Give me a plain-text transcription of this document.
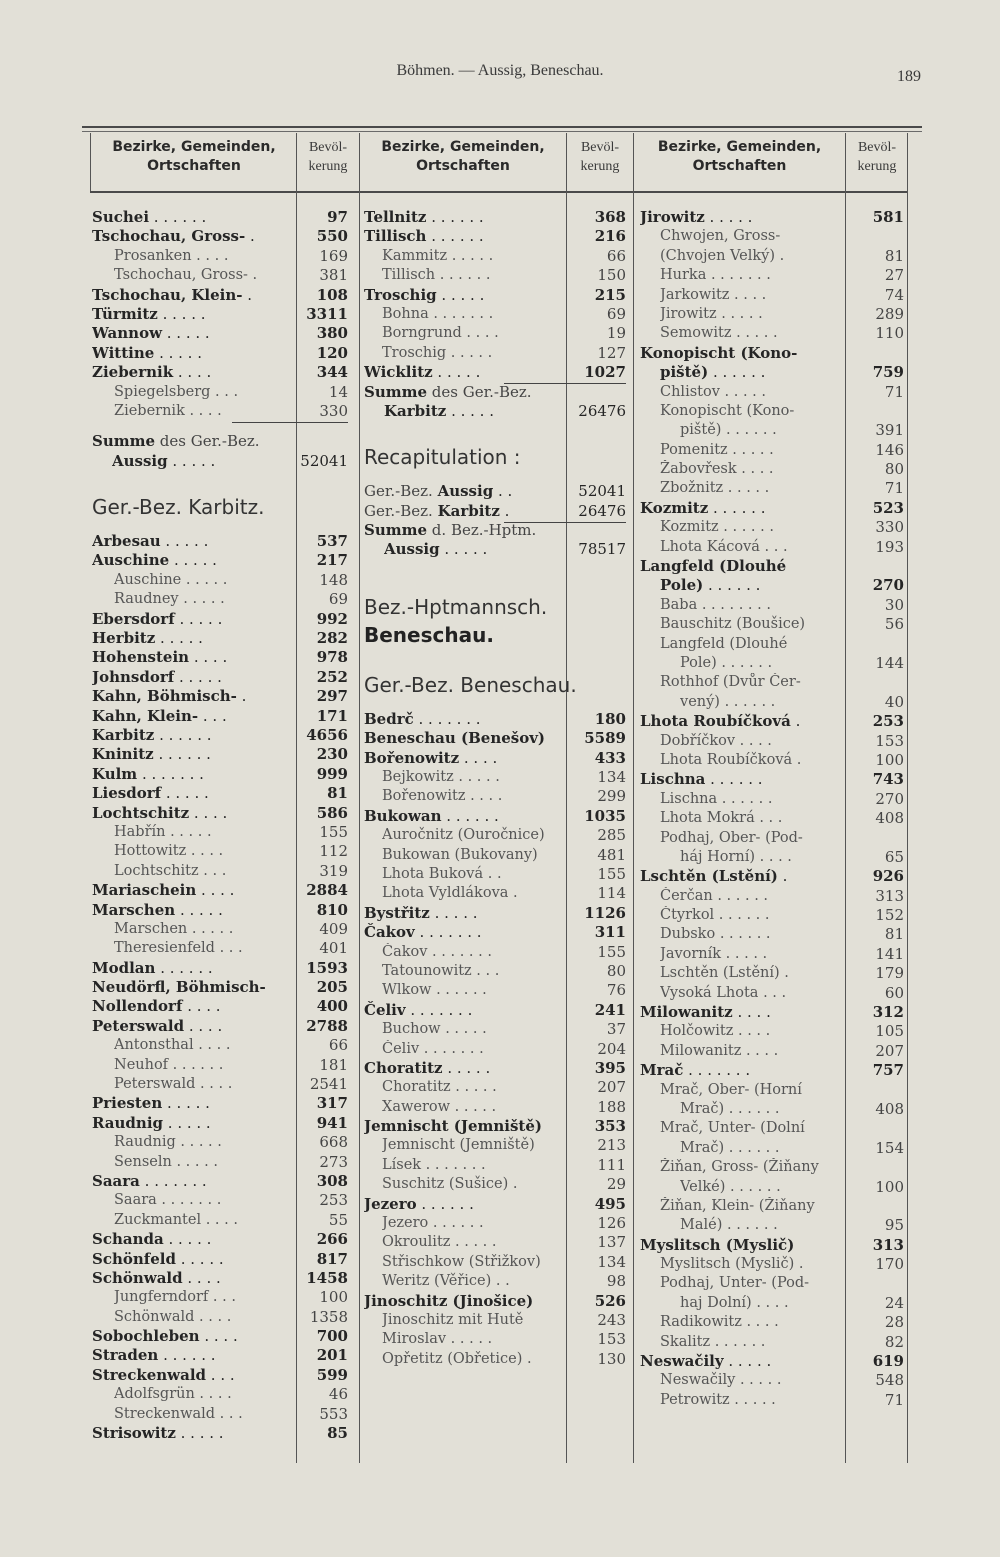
Böhmen. — Aussig, Beneschau.	189
Bezirke, Gemeinden,
Ortschaften
Bevöl-
kerung
Bezirke, Gemeinden,
Ortschaften
Bevöl-
kerung
Bezirke, Gemeinden,
Ortschaften
Bevöl-
kerung
Suchei . . . . . .	97
Tschochau, Gross- .	550
Prosanken . . . .	169
Tschochau, Gross- .	381
Tschochau, Klein- .	108
Türmitz . . . . .	3311
Wannow . . . . .	380
Wittine . . . . .	120
Ziebernik . . . .	344
Spiegelsberg . . .	14
Ziebernik . . . .	330
Summe des Ger.-Bez.
Aussig . . . . .	52041
Ger.-Bez. Karbitz.
Arbesau . . . . .	537
Auschine . . . . .	217
Auschine . . . . .	148
Raudney . . . . .	69
Ebersdorf . . . . .	992
Herbitz . . . . .	282
Hohenstein . . . .	978
Johnsdorf . . . . .	252
Kahn, Böhmisch- .	297
Kahn, Klein- . . .	171
Karbitz . . . . . .	4656
Kninitz . . . . . .	230
Kulm . . . . . . .	999
Liesdorf . . . . .	81
Lochtschitz . . . .	586
Habřín . . . . .	155
Hottowitz . . . .	112
Lochtschitz . . .	319
Mariaschein . . . .	2884
Marschen . . . . .	810
Marschen . . . . .	409
Theresienfeld . . .	401
Modlan . . . . . .	1593
Neudörfl, Böhmisch-	205
Nollendorf . . . .	400
Peterswald . . . .	2788
Antonsthal . . . .	66
Neuhof . . . . . .	181
Peterswald . . . .	2541
Priesten . . . . .	317
Raudnig . . . . .	941
Raudnig . . . . .	668
Senseln . . . . .	273
Saara . . . . . . .	308
Saara . . . . . . .	253
Zuckmantel . . . .	55
Schanda . . . . .	266
Schönfeld . . . . .	817
Schönwald . . . .	1458
Jungferndorf . . .	100
Schönwald . . . .	1358
Sobochleben . . . .	700
Straden . . . . . .	201
Streckenwald . . .	599
Adolfsgrün . . . .	46
Streckenwald . . .	553
Strisowitz . . . . .	85
Tellnitz . . . . . .	368
Tillisch . . . . . .	216
Kammitz . . . . .	66
Tillisch . . . . . .	150
Troschig . . . . .	215
Bohna . . . . . . .	69
Borngrund . . . .	19
Troschig . . . . .	127
Wicklitz . . . . .	1027
Summe des Ger.-Bez.
Karbitz . . . . .	26476
Recapitulation :
Ger.-Bez. Aussig . .	52041
Ger.-Bez. Karbitz .	26476
Summe d. Bez.-Hptm.
Aussig . . . . .	78517
Bez.-Hptmannsch.
Beneschau.
Ger.-Bez. Beneschau.
Bedrč . . . . . . .	180
Beneschau (Benešov)	5589
Bořenowitz . . . .	433
Bejkowitz . . . . .	134
Bořenowitz . . . .	299
Bukowan . . . . . .	1035
Auročnitz (Ouročnice)	285
Bukowan (Bukovany)	481
Lhota Buková . .	155
Lhota Vyldlákova .	114
Bystřitz . . . . .	1126
Čakov . . . . . . .	311
Čakov . . . . . . .	155
Tatounowitz . . .	80
Wlkow . . . . . .	76
Čeliv . . . . . . .	241
Buchow . . . . .	37
Čeliv . . . . . . .	204
Choratitz . . . . .	395
Choratitz . . . . .	207
Xawerow . . . . .	188
Jemnischt (Jemniště)	353
Jemnischt (Jemniště)	213
Lísek . . . . . . .	111
Suschitz (Sušice) .	29
Jezero . . . . . .	495
Jezero . . . . . .	126
Okroulitz . . . . .	137
Střischkow (Střižkov)	134
Weritz (Věřice) . .	98
Jinoschitz (Jinošice)	526
Jinoschitz mit Hutě	243
Miroslav . . . . .	153
Opřetitz (Obřetice) .	130
Jirowitz . . . . .	581
Chwojen, Gross-
(Chvojen Velký) .	81
Hurka . . . . . . .	27
Jarkowitz . . . .	74
Jirowitz . . . . .	289
Semowitz . . . . .	110
Konopischt (Kono-
piště) . . . . . .	759
Chlistov . . . . .	71
Konopischt (Kono-
piště) . . . . . .	391
Pomenitz . . . . .	146
Žabovřesk . . . .	80
Zbožnitz . . . . .	71
Kozmitz . . . . . .	523
Kozmitz . . . . . .	330
Lhota Kácová . . .	193
Langfeld (Dlouhé
Pole) . . . . . .	270
Baba . . . . . . . .	30
Bauschitz (Boušice)	56
Langfeld (Dlouhé
Pole) . . . . . .	144
Rothhof (Dvůr Čer-
vený) . . . . . .	40
Lhota Roubíčková .	253
Dobříčkov . . . .	153
Lhota Roubíčková .	100
Lischna . . . . . .	743
Lischna . . . . . .	270
Lhota Mokrá . . .	408
Podhaj, Ober- (Pod-
háj Horní) . . . .	65
Lschtěn (Lstění) .	926
Čerčan . . . . . .	313
Čtyrkol . . . . . .	152
Dubsko . . . . . .	81
Javorník . . . . .	141
Lschtěn (Lstění) .	179
Vysoká Lhota . . .	60
Milowanitz . . . .	312
Holčowitz . . . .	105
Milowanitz . . . .	207
Mrač . . . . . . .	757
Mrač, Ober- (Horní
Mrač) . . . . . .	408
Mrač, Unter- (Dolní
Mrač) . . . . . .	154
Žiňan, Gross- (Žiňany
Velké) . . . . . .	100
Žiňan, Klein- (Žiňany
Malé) . . . . . .	95
Myslitsch (Myslič)	313
Myslitsch (Myslič) .	170
Podhaj, Unter- (Pod-
haj Dolní) . . . .	24
Radikowitz . . . .	28
Skalitz . . . . . .	82
Neswačily . . . . .	619
Neswačily . . . . .	548
Petrowitz . . . . .	71
